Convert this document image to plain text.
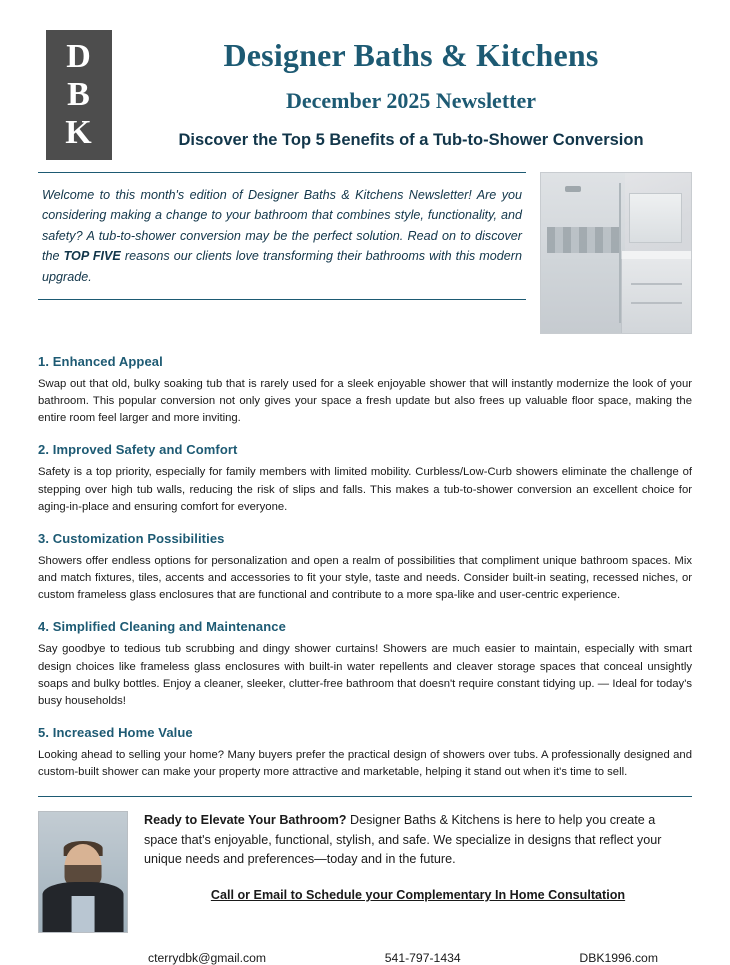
D
B
K
Designer Baths & Kitchens
December 2025 Newsletter
Discover the Top 5 Benefits of a Tub-to-Shower Conversion
Welcome to this month's edition of Designer Baths & Kitchens Newsletter! Are you considering making a change to your bathroom that combines style, functionality, and safety? A tub-to-shower conversion may be the perfect solution. Read on to discover the TOP FIVE reasons our clients love transforming their bathrooms with this modern upgrade.
1. Enhanced Appeal

Swap out that old, bulky soaking tub that is rarely used for a sleek enjoyable shower that will instantly modernize the look of your bathroom. This popular conversion not only gives your space a fresh update but also frees up valuable floor space, making the entire room feel larger and more inviting.

2. Improved Safety and Comfort

Safety is a top priority, especially for family members with limited mobility. Curbless/Low-Curb showers eliminate the challenge of stepping over high tub walls, reducing the risk of slips and falls. This makes a tub-to-shower conversion an excellent choice for aging-in-place and ensuring comfort for everyone.

3. Customization Possibilities

Showers offer endless options for personalization and open a realm of possibilities that compliment unique bathroom spaces. Mix and match fixtures, tiles, accents and accessories to fit your style, taste and needs. Consider built-in seating, recessed niches, or custom frameless glass enclosures that are functional and contribute to a more spa-like and user-centric experience.

4. Simplified Cleaning and Maintenance

Say goodbye to tedious tub scrubbing and dingy shower curtains! Showers are much easier to maintain, especially with smart design choices like frameless glass enclosures with built-in water repellents and cleaver storage spaces that conceal unsightly soaps and bulky bottles. Enjoy a cleaner, sleeker, clutter-free bathroom that doesn't require constant tidying up. — Ideal for today's busy households!

5. Increased Home Value

Looking ahead to selling your home? Many buyers prefer the practical design of showers over tubs. A professionally designed and custom-built shower can make your property more attractive and marketable, helping it stand out when it's time to sell.

Ready to Elevate Your Bathroom? Designer Baths & Kitchens is here to help you create a space that's enjoyable, functional, stylish, and safe. We specialize in designs that reflect your unique needs and preferences—today and in the future.
Call or Email to Schedule your Complementary In Home Consultation
cterrydbk@gmail.com	541-797-1434	DBK1996.com
